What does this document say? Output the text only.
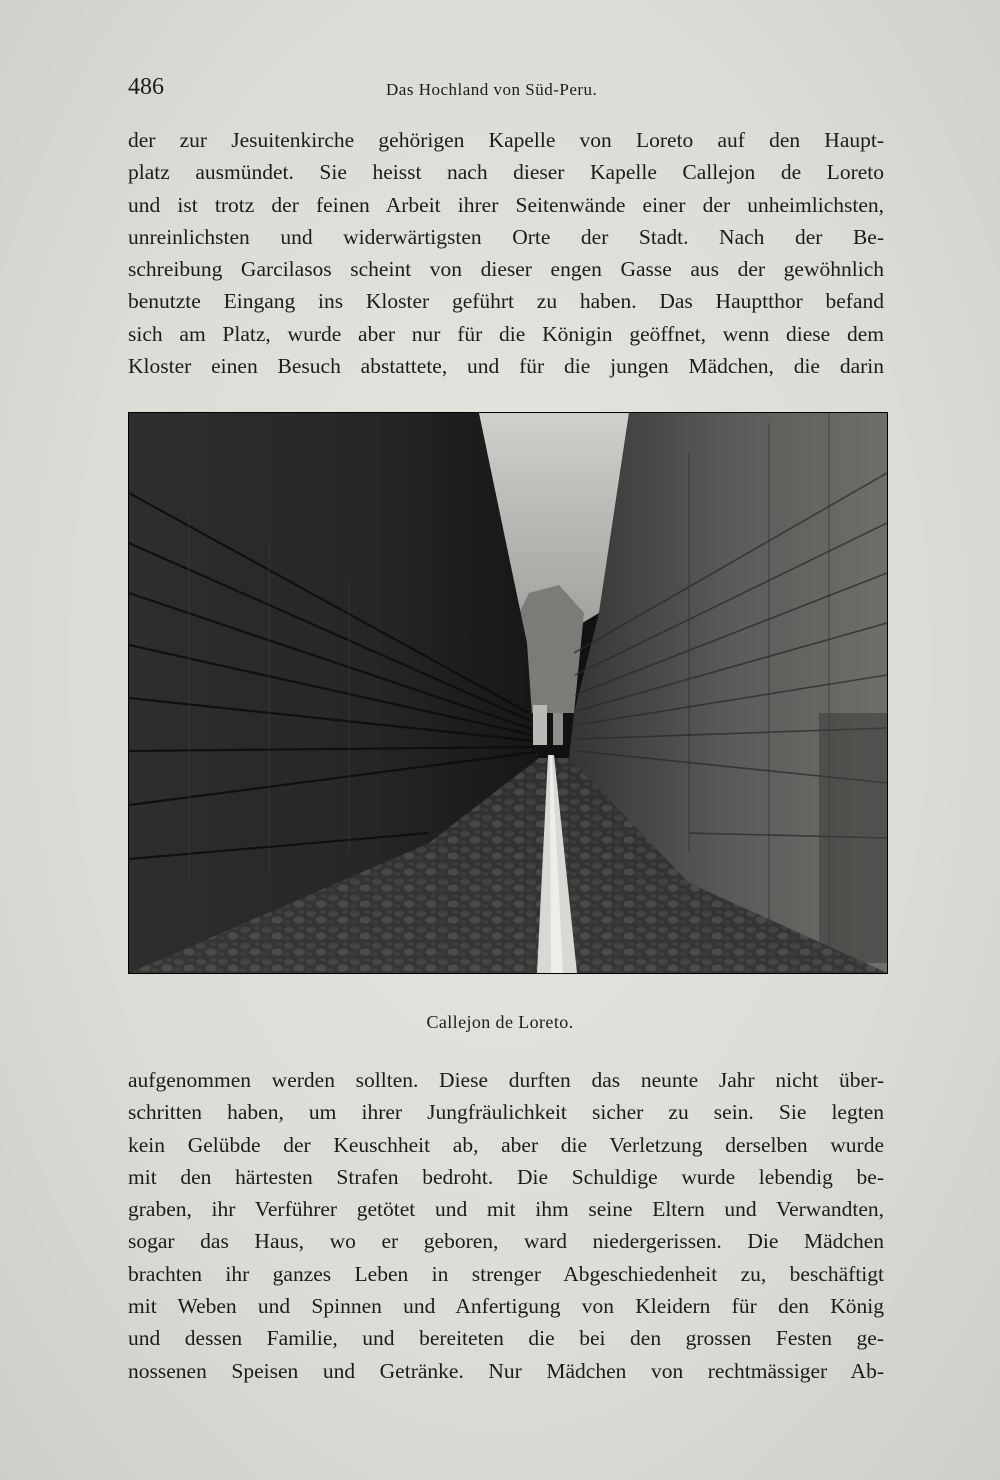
486	Das Hochland von Süd-Peru.
der zur Jesuitenkirche gehörigen Kapelle von Loreto auf den Haupt-
platz ausmündet. Sie heisst nach dieser Kapelle Callejon de Loreto
und ist trotz der feinen Arbeit ihrer Seitenwände einer der unheimlichsten,
unreinlichsten und widerwärtigsten Orte der Stadt. Nach der Be-
schreibung Garcilasos scheint von dieser engen Gasse aus der gewöhnlich
benutzte Eingang ins Kloster geführt zu haben. Das Hauptthor befand
sich am Platz, wurde aber nur für die Königin geöffnet, wenn diese dem
Kloster einen Besuch abstattete, und für die jungen Mädchen, die darin
Callejon de Loreto.
aufgenommen werden sollten. Diese durften das neunte Jahr nicht über-
schritten haben, um ihrer Jungfräulichkeit sicher zu sein. Sie legten
kein Gelübde der Keuschheit ab, aber die Verletzung derselben wurde
mit den härtesten Strafen bedroht. Die Schuldige wurde lebendig be-
graben, ihr Verführer getötet und mit ihm seine Eltern und Verwandten,
sogar das Haus, wo er geboren, ward niedergerissen. Die Mädchen
brachten ihr ganzes Leben in strenger Abgeschiedenheit zu, beschäftigt
mit Weben und Spinnen und Anfertigung von Kleidern für den König
und dessen Familie, und bereiteten die bei den grossen Festen ge-
nossenen Speisen und Getränke. Nur Mädchen von rechtmässiger Ab-
